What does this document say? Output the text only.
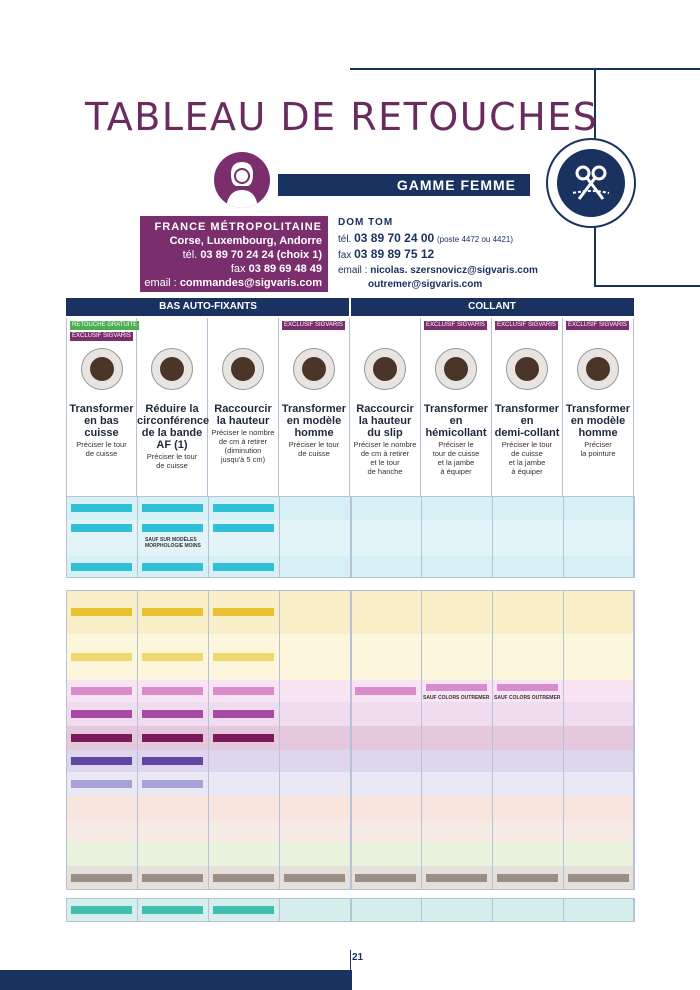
TABLEAU DE RETOUCHES
GAMME FEMME
FRANCE MÉTROPOLITAINE
Corse, Luxembourg, Andorre
tél. 03 89 70 24 24 (choix 1)
fax 03 89 69 48 49
email : commandes@sigvaris.com
DOM TOM
tél. 03 89 70 24 00 (poste 4472 ou 4421)
fax 03 89 89 75 12
email : nicolas. szersnovicz@sigvaris.com
outremer@sigvaris.com
BAS AUTO-FIXANTS	COLLANT
RETOUCHE GRATUITE
EXCLUSIF SIGVARIS
Transformer
en bas
cuisse
Préciser le tour
de cuisse
Réduire la
circonférence
de la bande
AF (1)
Préciser le tour
de cuisse
Raccourcir
la hauteur
Préciser le nombre
de cm à retirer
(diminution
jusqu'à 5 cm)
EXCLUSIF SIGVARIS
Transformer
en modèle
homme
Préciser le tour
de cuisse
Raccourcir
la hauteur
du slip
Préciser le nombre
de cm à retirer
et le tour
de hanche
EXCLUSIF SIGVARIS
Transformer
en
hémicollant
Préciser le
tour de cuisse
et la jambe
à équiper
EXCLUSIF SIGVARIS
Transformer
en
demi-collant
Préciser le tour
de cuisse
et la jambe
à équiper
EXCLUSIF SIGVARIS
Transformer
en modèle
homme
Préciser
la pointure
SAUF SUR MODÈLES
MORPHOLOGIE MOINS
SAUF COLORS OUTREMER SAUF COLORS OUTREMER
21
